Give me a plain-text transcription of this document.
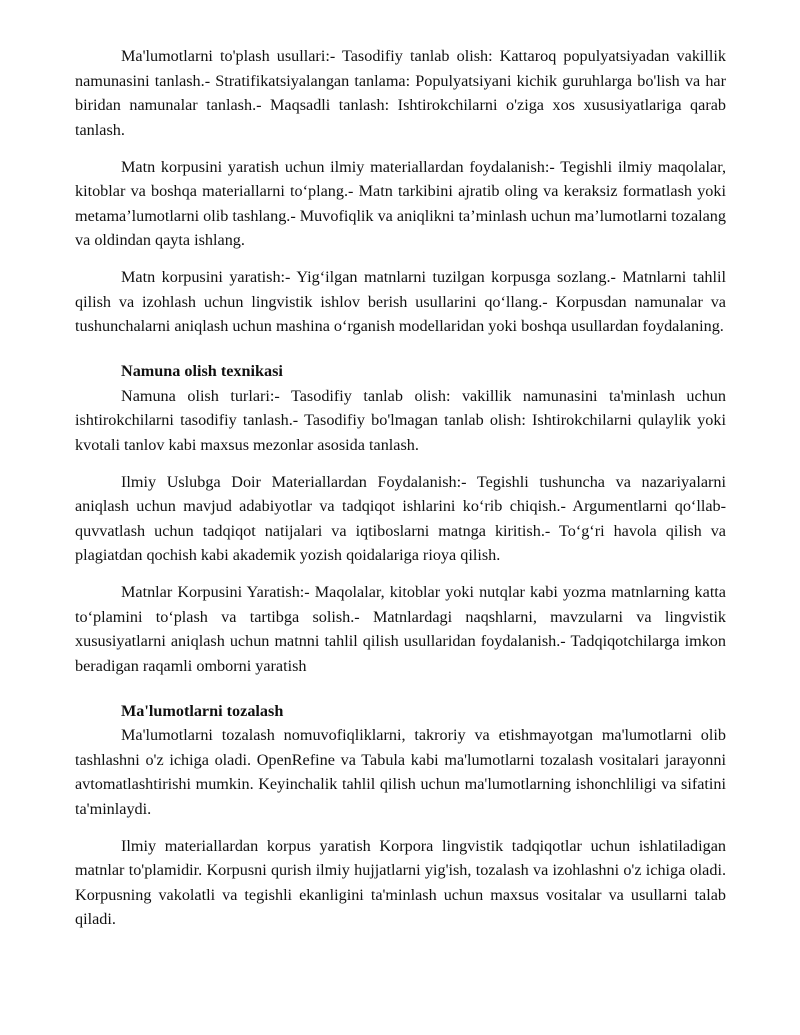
Ma'lumotlarni to'plash usullari:- Tasodifiy tanlab olish: Kattaroq populyatsiyadan vakillik namunasini tanlash.- Stratifikatsiyalangan tanlama: Populyatsiyani kichik guruhlarga bo'lish va har biridan namunalar tanlash.- Maqsadli tanlash: Ishtirokchilarni o'ziga xos xususiyatlariga qarab tanlash.

Matn korpusini yaratish uchun ilmiy materiallardan foydalanish:- Tegishli ilmiy maqolalar, kitoblar va boshqa materiallarni to‘plang.- Matn tarkibini ajratib oling va keraksiz formatlash yoki metama’lumotlarni olib tashlang.- Muvofiqlik va aniqlikni ta’minlash uchun ma’lumotlarni tozalang va oldindan qayta ishlang.

Matn korpusini yaratish:- Yig‘ilgan matnlarni tuzilgan korpusga sozlang.- Matnlarni tahlil qilish va izohlash uchun lingvistik ishlov berish usullarini qo‘llang.- Korpusdan namunalar va tushunchalarni aniqlash uchun mashina o‘rganish modellaridan yoki boshqa usullardan foydalaning.

Namuna olish texnikasi

Namuna olish turlari:- Tasodifiy tanlab olish: vakillik namunasini ta'minlash uchun ishtirokchilarni tasodifiy tanlash.- Tasodifiy bo'lmagan tanlab olish: Ishtirokchilarni qulaylik yoki kvotali tanlov kabi maxsus mezonlar asosida tanlash.

Ilmiy Uslubga Doir Materiallardan Foydalanish:- Tegishli tushuncha va nazariyalarni aniqlash uchun mavjud adabiyotlar va tadqiqot ishlarini ko‘rib chiqish.- Argumentlarni qo‘llab-quvvatlash uchun tadqiqot natijalari va iqtiboslarni matnga kiritish.- To‘g‘ri havola qilish va plagiatdan qochish kabi akademik yozish qoidalariga rioya qilish.

Matnlar Korpusini Yaratish:- Maqolalar, kitoblar yoki nutqlar kabi yozma matnlarning katta to‘plamini to‘plash va tartibga solish.- Matnlardagi naqshlarni, mavzularni va lingvistik xususiyatlarni aniqlash uchun matnni tahlil qilish usullaridan foydalanish.- Tadqiqotchilarga imkon beradigan raqamli omborni yaratish

Ma'lumotlarni tozalash

Ma'lumotlarni tozalash nomuvofiqliklarni, takroriy va etishmayotgan ma'lumotlarni olib tashlashni o'z ichiga oladi. OpenRefine va Tabula kabi ma'lumotlarni tozalash vositalari jarayonni avtomatlashtirishi mumkin. Keyinchalik tahlil qilish uchun ma'lumotlarning ishonchliligi va sifatini ta'minlaydi.

Ilmiy materiallardan korpus yaratish Korpora lingvistik tadqiqotlar uchun ishlatiladigan matnlar to'plamidir. Korpusni qurish ilmiy hujjatlarni yig'ish, tozalash va izohlashni o'z ichiga oladi. Korpusning vakolatli va tegishli ekanligini ta'minlash uchun maxsus vositalar va usullarni talab qiladi.
